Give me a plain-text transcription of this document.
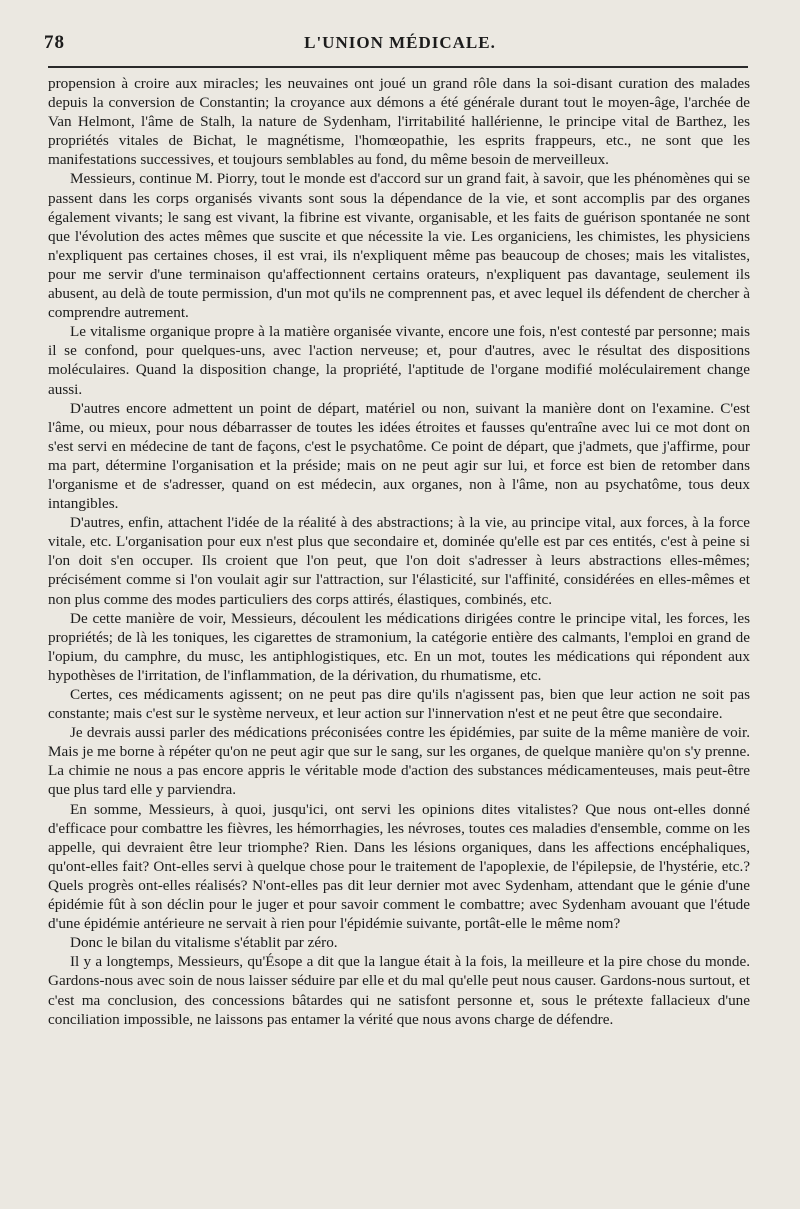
78	L'UNION MÉDICALE.

propension à croire aux miracles; les neuvaines ont joué un grand rôle dans la soi-disant curation des malades depuis la conversion de Constantin; la croyance aux démons a été générale durant tout le moyen-âge, l'archée de Van Helmont, l'âme de Stalh, la nature de Sydenham, l'irritabilité hallérienne, le principe vital de Barthez, les propriétés vitales de Bichat, le magnétisme, l'homœopathie, les esprits frappeurs, etc., ne sont que les manifestations successives, et toujours semblables au fond, du même besoin de merveilleux.

Messieurs, continue M. Piorry, tout le monde est d'accord sur un grand fait, à savoir, que les phénomènes qui se passent dans les corps organisés vivants sont sous la dépendance de la vie, et sont accomplis par des organes également vivants; le sang est vivant, la fibrine est vivante, organisable, et les faits de guérison spontanée ne sont que l'évolution des actes mêmes que suscite et que nécessite la vie. Les organiciens, les chimistes, les physiciens n'expliquent pas certaines choses, il est vrai, ils n'expliquent même pas beaucoup de choses; mais les vitalistes, pour me servir d'une terminaison qu'affectionnent certains orateurs, n'expliquent pas davantage, seulement ils abusent, au delà de toute permission, d'un mot qu'ils ne comprennent pas, et avec lequel ils défendent de chercher à comprendre autrement.

Le vitalisme organique propre à la matière organisée vivante, encore une fois, n'est contesté par personne; mais il se confond, pour quelques-uns, avec l'action nerveuse; et, pour d'autres, avec le résultat des dispositions moléculaires. Quand la disposition change, la propriété, l'aptitude de l'organe modifié moléculairement change aussi.

D'autres encore admettent un point de départ, matériel ou non, suivant la manière dont on l'examine. C'est l'âme, ou mieux, pour nous débarrasser de toutes les idées étroites et fausses qu'entraîne avec lui ce mot dont on s'est servi en médecine de tant de façons, c'est le psychatôme. Ce point de départ, que j'admets, que j'affirme, pour ma part, détermine l'organisation et la préside; mais on ne peut agir sur lui, et force est bien de retomber dans l'organisme et de s'adresser, quand on est médecin, aux organes, non à l'âme, non au psychatôme, tous deux intangibles.

D'autres, enfin, attachent l'idée de la réalité à des abstractions; à la vie, au principe vital, aux forces, à la force vitale, etc. L'organisation pour eux n'est plus que secondaire et, dominée qu'elle est par ces entités, c'est à peine si l'on doit s'en occuper. Ils croient que l'on peut, que l'on doit s'adresser à leurs abstractions elles-mêmes; précisément comme si l'on voulait agir sur l'attraction, sur l'élasticité, sur l'affinité, considérées en elles-mêmes et non plus comme des modes particuliers des corps attirés, élastiques, combinés, etc.

De cette manière de voir, Messieurs, découlent les médications dirigées contre le principe vital, les forces, les propriétés; de là les toniques, les cigarettes de stramonium, la catégorie entière des calmants, l'emploi en grand de l'opium, du camphre, du musc, les antiphlogistiques, etc. En un mot, toutes les médications qui répondent aux hypothèses de l'irritation, de l'inflammation, de la dérivation, du rhumatisme, etc.

Certes, ces médicaments agissent; on ne peut pas dire qu'ils n'agissent pas, bien que leur action ne soit pas constante; mais c'est sur le système nerveux, et leur action sur l'innervation n'est et ne peut être que secondaire.

Je devrais aussi parler des médications préconisées contre les épidémies, par suite de la même manière de voir. Mais je me borne à répéter qu'on ne peut agir que sur le sang, sur les organes, de quelque manière qu'on s'y prenne. La chimie ne nous a pas encore appris le véritable mode d'action des substances médicamenteuses, mais peut-être que plus tard elle y parviendra.

En somme, Messieurs, à quoi, jusqu'ici, ont servi les opinions dites vitalistes? Que nous ont-elles donné d'efficace pour combattre les fièvres, les hémorrhagies, les névroses, toutes ces maladies d'ensemble, comme on les appelle, qui devraient être leur triomphe? Rien. Dans les lésions organiques, dans les affections encéphaliques, qu'ont-elles fait? Ont-elles servi à quelque chose pour le traitement de l'apoplexie, de l'épilepsie, de l'hystérie, etc.? Quels progrès ont-elles réalisés? N'ont-elles pas dit leur dernier mot avec Sydenham, attendant que le génie d'une épidémie fût à son déclin pour le juger et pour savoir comment le combattre; avec Sydenham avouant que l'étude d'une épidémie antérieure ne servait à rien pour l'épidémie suivante, portât-elle le même nom?

Donc le bilan du vitalisme s'établit par zéro.

Il y a longtemps, Messieurs, qu'Ésope a dit que la langue était à la fois, la meilleure et la pire chose du monde. Gardons-nous avec soin de nous laisser séduire par elle et du mal qu'elle peut nous causer. Gardons-nous surtout, et c'est ma conclusion, des concessions bâtardes qui ne satisfont personne et, sous le prétexte fallacieux d'une conciliation impossible, ne laissons pas entamer la vérité que nous avons charge de défendre.
